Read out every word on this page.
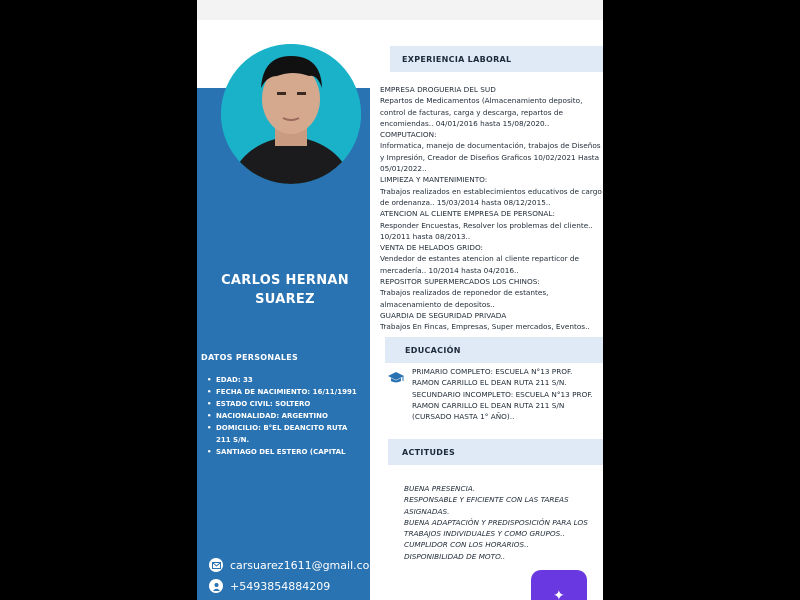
CARLOS HERNAN
SUAREZ
DATOS PERSONALES
• EDAD: 33
• FECHA DE NACIMIENTO: 16/11/1991
• ESTADO CIVIL: SOLTERO
• NACIONALIDAD: ARGENTINO
• DOMICILIO: B°EL DEANCITO RUTA
211 S/N.
• SANTIAGO DEL ESTERO (CAPITAL
carsuarez1611@gmail.com
+5493854884209
EXPERIENCIA LABORAL
EMPRESA DROGUERIA DEL SUD
Repartos de Medicamentos (Almacenamiento deposito, control de facturas, carga y descarga, repartos de encomiendas.. 04/01/2016 hasta 15/08/2020..
COMPUTACION:
Informatica, manejo de documentación, trabajos de Diseños y Impresión, Creador de Diseños Graficos 10/02/2021 Hasta 05/01/2022..
LIMPIEZA Y MANTENIMIENTO:
Trabajos realizados en establecimientos educativos de cargo de ordenanza.. 15/03/2014 hasta 08/12/2015..
ATENCION AL CLIENTE EMPRESA DE PERSONAL:
Responder Encuestas, Resolver los problemas del cliente.. 10/2011 hasta 08/2013..
VENTA DE HELADOS GRIDO:
Vendedor de estantes atencion al cliente reparticor de mercadería.. 10/2014 hasta 04/2016..
REPOSITOR SUPERMERCADOS LOS CHINOS:
Trabajos realizados de reponedor de estantes, almacenamiento de depositos..
GUARDIA DE SEGURIDAD PRIVADA
Trabajos En Fincas, Empresas, Super mercados, Eventos..
EDUCACIÓN
PRIMARIO COMPLETO: ESCUELA N°13 PROF. RAMON CARRILLO EL DEAN RUTA 211 S/N.
SECUNDARIO INCOMPLETO: ESCUELA N°13 PROF. RAMON CARRILLO EL DEAN RUTA 211 S/N (CURSADO HASTA 1° AÑO)..
ACTITUDES
BUENA PRESENCIA.
RESPONSABLE Y EFICIENTE CON LAS TAREAS ASIGNADAS.
BUENA ADAPTACIÓN Y PREDISPOSICIÓN PARA LOS TRABAJOS INDIVIDUALES Y COMO GRUPOS..
CUMPLIDOR CON LOS HORARIOS..
DISPONIBILIDAD DE MOTO..
✦
